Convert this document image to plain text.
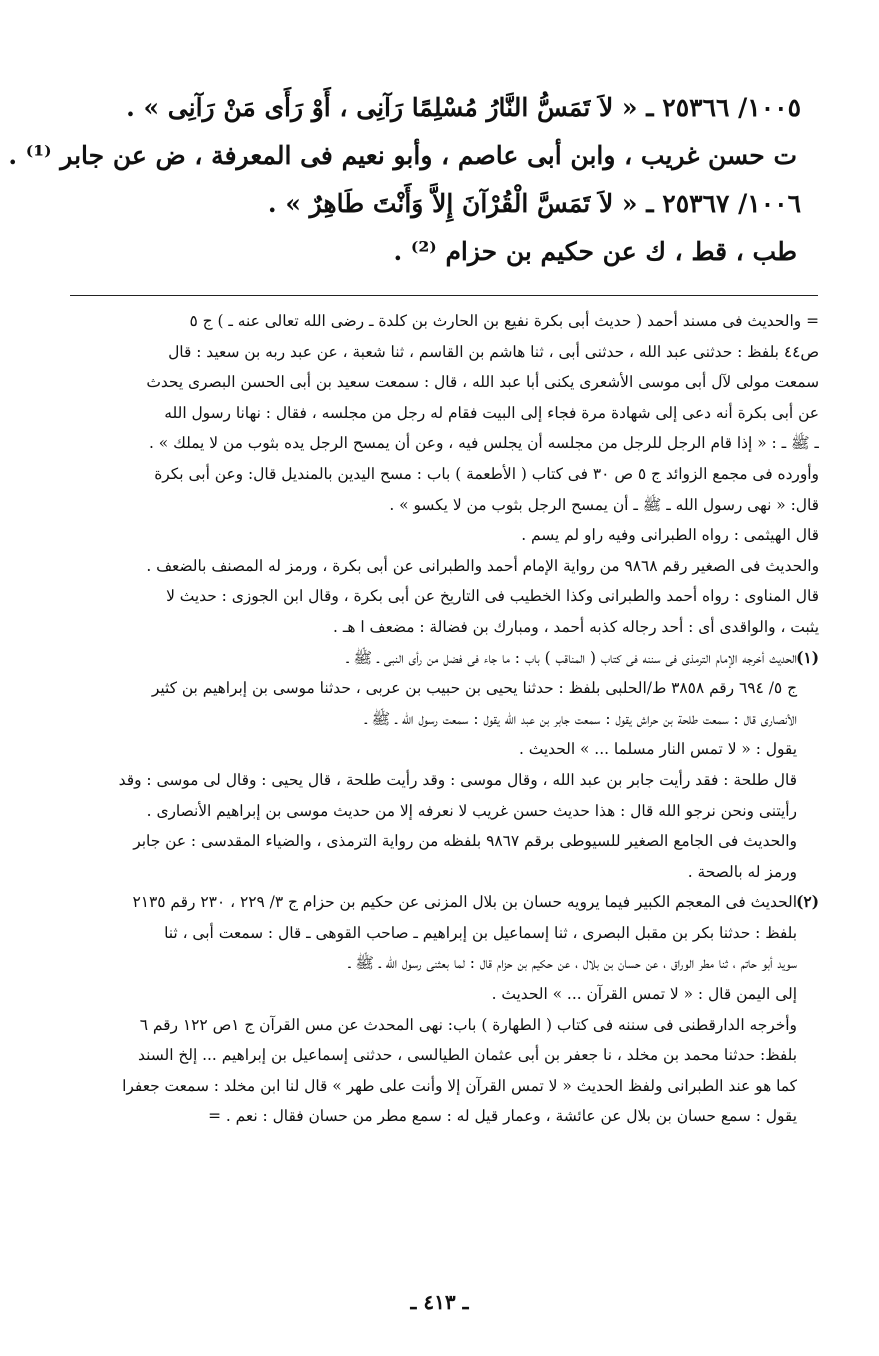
١٠٠٥/ ٢٥٣٦٦ ـ « لاَ تَمَسُّ النَّارُ مُسْلِمًا رَآنِى ، أَوْ رَأَى مَنْ رَآنِى » .

ت حسن غريب ، وابن أبى عاصم ، وأبو نعيم فى المعرفة ، ض عن جابر ⁽¹⁾ .

١٠٠٦/ ٢٥٣٦٧ ـ « لاَ تَمَسَّ الْقُرْآنَ إِلاَّ وَأَنْتَ طَاهِرٌ » .

طب ، قط ، ك عن حكيم بن حزام ⁽²⁾ .

= والحديث فى مسند أحمد ( حديث أبى بكرة نفيع بن الحارث بن كلدة ـ رضى الله تعالى عنه ـ ) ج ٥

ص٤٤ بلفظ : حدثنى عبد الله ، حدثنى أبى ، ثنا هاشم بن القاسم ، ثنا شعبة ، عن عبد ربه بن سعيد : قال

سمعت مولى لآل أبى موسى الأشعرى يكنى أبا عبد الله ، قال : سمعت سعيد بن أبى الحسن البصرى يحدث

عن أبى بكرة أنه دعى إلى شهادة مرة فجاء إلى البيت فقام له رجل من مجلسه ، فقال : نهانا رسول الله

ـ ﷺ ـ : « إذا قام الرجل للرجل من مجلسه أن يجلس فيه ، وعن أن يمسح الرجل يده بثوب من لا يملك » .

وأورده فى مجمع الزوائد ج ٥ ص ٣٠ فى كتاب ( الأطعمة ) باب : مسح اليدين بالمنديل قال: وعن أبى بكرة

قال: « نهى رسول الله ـ ﷺ ـ أن يمسح الرجل بثوب من لا يكسو » .

قال الهيثمى : رواه الطبرانى وفيه راو لم يسم .

والحديث فى الصغير رقم ٩٨٦٨ من رواية الإمام أحمد والطبرانى عن أبى بكرة ، ورمز له المصنف بالضعف .

قال المناوى : رواه أحمد والطبرانى وكذا الخطيب فى التاريخ عن أبى بكرة ، وقال ابن الجوزى : حديث لا

يثبت ، والواقدى أى : أحد رجاله كذبه أحمد ، ومبارك بن فضالة : مضعف ا هـ .

(١)الحديث أخرجه الإمام الترمذى فى سننه فى كتاب ( المناقب ) باب : ما جاء فى فضل من رأى النبى ـ ﷺ ـ

ج ٥/ ٦٩٤ رقم ٣٨٥٨ ط/الحلبى بلفظ : حدثنا يحيى بن حبيب بن عربى ، حدثنا موسى بن إبراهيم بن كثير

الأنصارى قال : سمعت طلحة بن حراش يقول : سمعت جابر بن عبد الله يقول : سمعت رسول الله ـ ﷺ ـ

يقول : « لا تمس النار مسلما ... » الحديث .

قال طلحة : فقد رأيت جابر بن عبد الله ، وقال موسى : وقد رأيت طلحة ، قال يحيى : وقال لى موسى : وقد

رأيتنى ونحن نرجو الله قال : هذا حديث حسن غريب لا نعرفه إلا من حديث موسى بن إبراهيم الأنصارى .

والحديث فى الجامع الصغير للسيوطى برقم ٩٨٦٧ بلفظه من رواية الترمذى ، والضياء المقدسى : عن جابر

ورمز له بالصحة .

(٢)الحديث فى المعجم الكبير فيما يرويه حسان بن بلال المزنى عن حكيم بن حزام ج ٣/ ٢٢٩ ، ٢٣٠ رقم ٢١٣٥

بلفظ : حدثنا بكر بن مقبل البصرى ، ثنا إسماعيل بن إبراهيم ـ صاحب القوهى ـ قال : سمعت أبى ، ثنا

سويد أبو حاتم ، ثنا مطر الوراق ، عن حسان بن بلال ، عن حكيم بن حزام قال : لما بعثنى رسول الله ـ ﷺ ـ

إلى اليمن قال : « لا تمس القرآن ... » الحديث .

وأخرجه الدارقطنى فى سننه فى كتاب ( الطهارة ) باب: نهى المحدث عن مس القرآن ج ١ص ١٢٢ رقم ٦

بلفظ: حدثنا محمد بن مخلد ، نا جعفر بن أبى عثمان الطيالسى ، حدثنى إسماعيل بن إبراهيم ... إلخ السند

كما هو عند الطبرانى ولفظ الحديث « لا تمس القرآن إلا وأنت على طهر » قال لنا ابن مخلد : سمعت جعفرا

يقول : سمع حسان بن بلال عن عائشة ، وعمار قيل له : سمع مطر من حسان فقال : نعم . =

ـ ٤١٣ ـ
